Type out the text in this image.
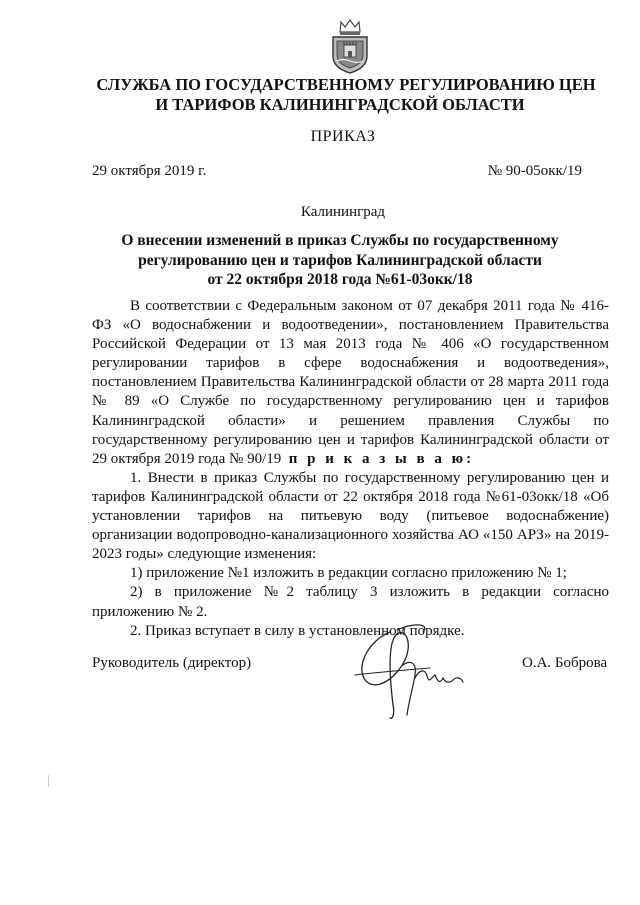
СЛУЖБА ПО ГОСУДАРСТВЕННОМУ РЕГУЛИРОВАНИЮ ЦЕН
И ТАРИФОВ КАЛИНИНГРАДСКОЙ ОБЛАСТИ
ПРИКАЗ
29 октября 2019 г.	№ 90-05окк/19
Калининград
О внесении изменений в приказ Службы по государственному
регулированию цен и тарифов Калининградской области
от 22 октября 2018 года №61-03окк/18

В соответствии с Федеральным законом от 07 декабря 2011 года № 416-ФЗ «О водоснабжении и водоотведении», постановлением Правительства Российской Федерации от 13 мая 2013 года № 406 «О государственном регулировании тарифов в сфере водоснабжения и водоотведения», постановлением Правительства Калининградской области от 28 марта 2011 года № 89 «О Службе по государственному регулированию цен и тарифов Калининградской области» и решением правления Службы по государственному регулированию цен и тарифов Калининградской области от 29 октября 2019 года № 90/19 п р и к а з ы в а ю:

1. Внести в приказ Службы по государственному регулированию цен и тарифов Калининградской области от 22 октября 2018 года №61-03окк/18 «Об установлении тарифов на питьевую воду (питьевое водоснабжение) организации водопроводно-канализационного хозяйства АО «150 АРЗ» на 2019-2023 годы» следующие изменения:

1) приложение №1 изложить в редакции согласно приложению № 1;

2) в приложение №2 таблицу 3 изложить в редакции согласно приложению № 2.

2. Приказ вступает в силу в установленном порядке.

Руководитель (директор)	О.А. Боброва
